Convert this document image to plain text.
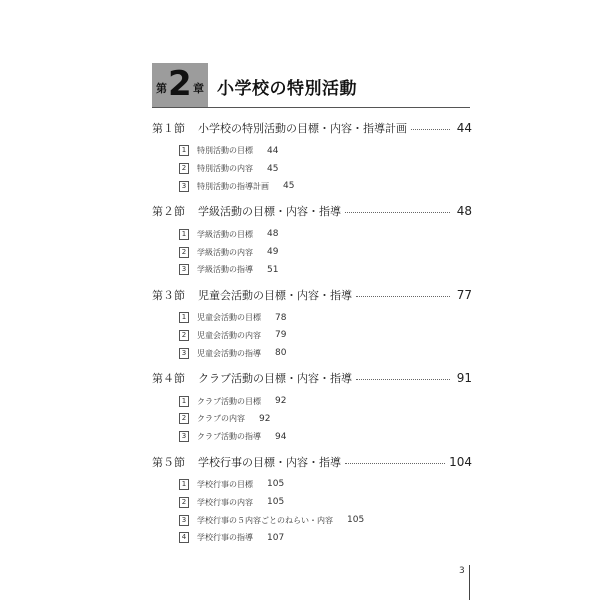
第 2 章 小学校の特別活動
第１節	小学校の特別活動の目標・内容・指導計画	44
1	特別活動の目標 44
2	特別活動の内容 45
3	特別活動の指導計画 45
第２節	学級活動の目標・内容・指導	48
1	学級活動の目標 48
2	学級活動の内容 49
3	学級活動の指導 51
第３節	児童会活動の目標・内容・指導	77
1	児童会活動の目標 78
2	児童会活動の内容 79
3	児童会活動の指導 80
第４節	クラブ活動の目標・内容・指導	91
1	クラブ活動の目標 92
2	クラブの内容 92
3	クラブ活動の指導 94
第５節	学校行事の目標・内容・指導	104
1	学校行事の目標 105
2	学校行事の内容 105
3	学校行事の５内容ごとのねらい・内容 105
4	学校行事の指導 107
3
